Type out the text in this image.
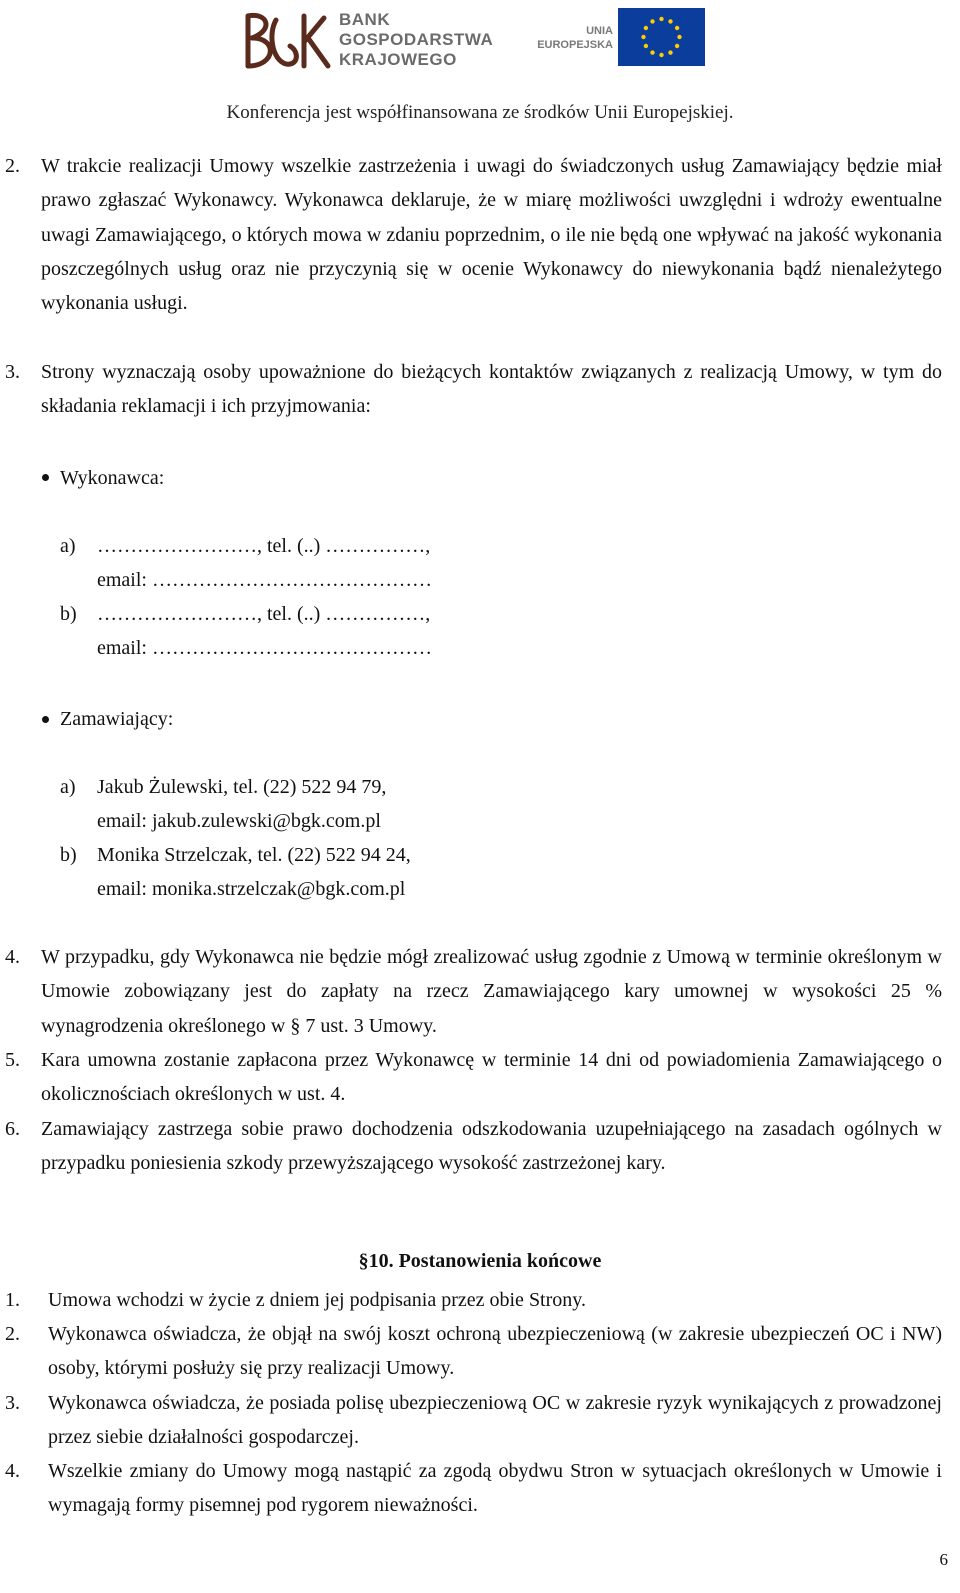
BANK
GOSPODARSTWA
KRAJOWEGO
UNIA
EUROPEJSKA
Konferencja jest współfinansowana ze środków Unii Europejskiej.
2. W trakcie realizacji Umowy wszelkie zastrzeżenia i uwagi do świadczonych usług Zamawiający będzie miał prawo zgłaszać Wykonawcy. Wykonawca deklaruje, że w miarę możliwości uwzględni i wdroży ewentualne uwagi Zamawiającego, o których mowa w zdaniu poprzednim, o ile nie będą one wpływać na jakość wykonania poszczególnych usług oraz nie przyczynią się w ocenie Wykonawcy do niewykonania bądź nienależytego wykonania usługi.
3. Strony wyznaczają osoby upoważnione do bieżących kontaktów związanych z realizacją Umowy, w tym do składania reklamacji i ich przyjmowania:
Wykonawca:
a) ……………………, tel. (..) ……………,
email: ……………………………………
b) ……………………, tel. (..) ……………,
email: ……………………………………
Zamawiający:
a) Jakub Żulewski, tel. (22) 522 94 79,
email: jakub.zulewski@bgk.com.pl
b) Monika Strzelczak, tel. (22) 522 94 24,
email: monika.strzelczak@bgk.com.pl
4. W przypadku, gdy Wykonawca nie będzie mógł zrealizować usług zgodnie z Umową w terminie określonym w Umowie zobowiązany jest do zapłaty na rzecz Zamawiającego kary umownej w wysokości 25 % wynagrodzenia określonego w § 7 ust. 3 Umowy.
5. Kara umowna zostanie zapłacona przez Wykonawcę w terminie 14 dni od powiadomienia Zamawiającego o okolicznościach określonych w ust. 4.
6. Zamawiający zastrzega sobie prawo dochodzenia odszkodowania uzupełniającego na zasadach ogólnych w przypadku poniesienia szkody przewyższającego wysokość zastrzeżonej kary.
§10. Postanowienia końcowe
1. Umowa wchodzi w życie z dniem jej podpisania przez obie Strony.
2. Wykonawca oświadcza, że objął na swój koszt ochroną ubezpieczeniową (w zakresie ubezpieczeń OC i NW) osoby, którymi posłuży się przy realizacji Umowy.
3. Wykonawca oświadcza, że posiada polisę ubezpieczeniową OC w zakresie ryzyk wynikających z prowadzonej przez siebie działalności gospodarczej.
4. Wszelkie zmiany do Umowy mogą nastąpić za zgodą obydwu Stron w sytuacjach określonych w Umowie i wymagają formy pisemnej pod rygorem nieważności.
6
